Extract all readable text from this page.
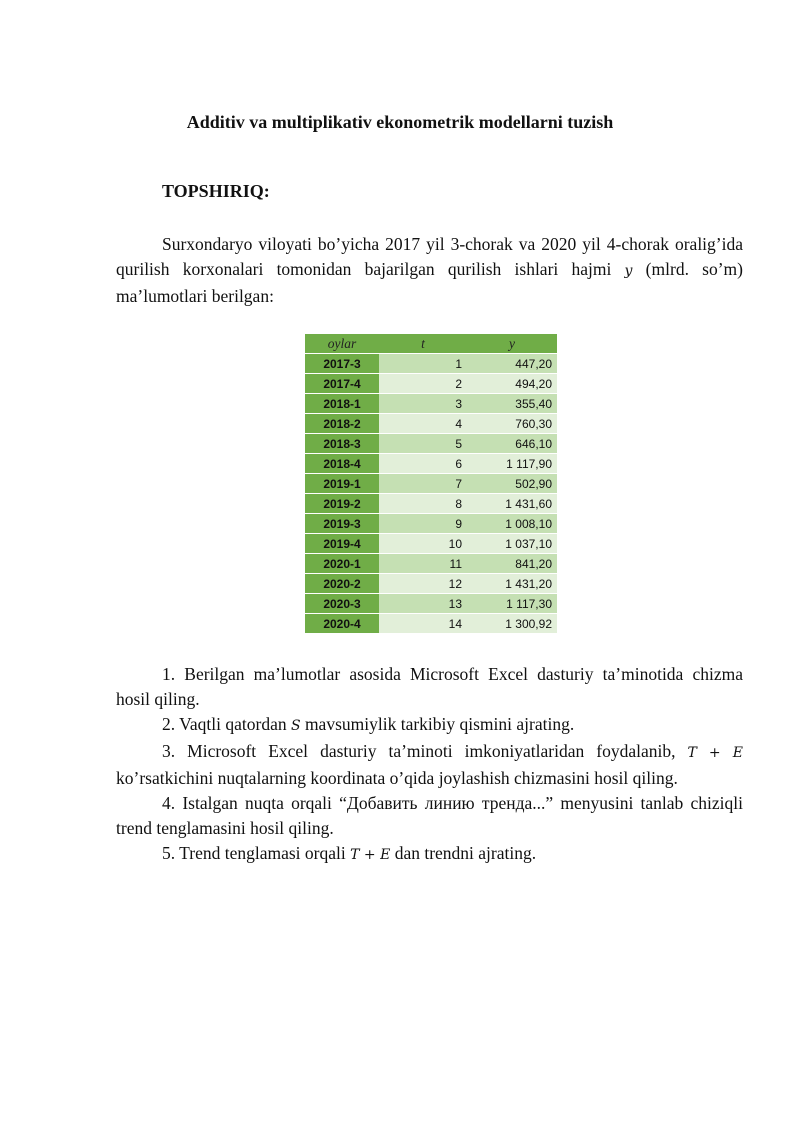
Additiv va multiplikativ ekonometrik modellarni tuzish
TOPSHIRIQ:

Surxondaryo viloyati bo’yicha 2017 yil 3-chorak va 2020 yil 4-chorak oralig’ida qurilish korxonalari tomonidan bajarilgan qurilish ishlari hajmi y (mlrd. so’m) ma’lumotlari berilgan:

oylar	t	y
2017-3	1	447,20
2017-4	2	494,20
2018-1	3	355,40
2018-2	4	760,30
2018-3	5	646,10
2018-4	6	1 117,90
2019-1	7	502,90
2019-2	8	1 431,60
2019-3	9	1 008,10
2019-4	10	1 037,10
2020-1	11	841,20
2020-2	12	1 431,20
2020-3	13	1 117,30
2020-4	14	1 300,92

1. Berilgan ma’lumotlar asosida Microsoft Excel dasturiy ta’minotida chizma hosil qiling.

2. Vaqtli qatordan S mavsumiylik tarkibiy qismini ajrating.

3. Microsoft Excel dasturiy ta’minoti imkoniyatlaridan foydalanib, T + E ko’rsatkichini nuqtalarning koordinata o’qida joylashish chizmasini hosil qiling.

4. Istalgan nuqta orqali “Добавить линию тренда...” menyusini tanlab chiziqli trend tenglamasini hosil qiling.

5. Trend tenglamasi orqali T + E dan trendni ajrating.
